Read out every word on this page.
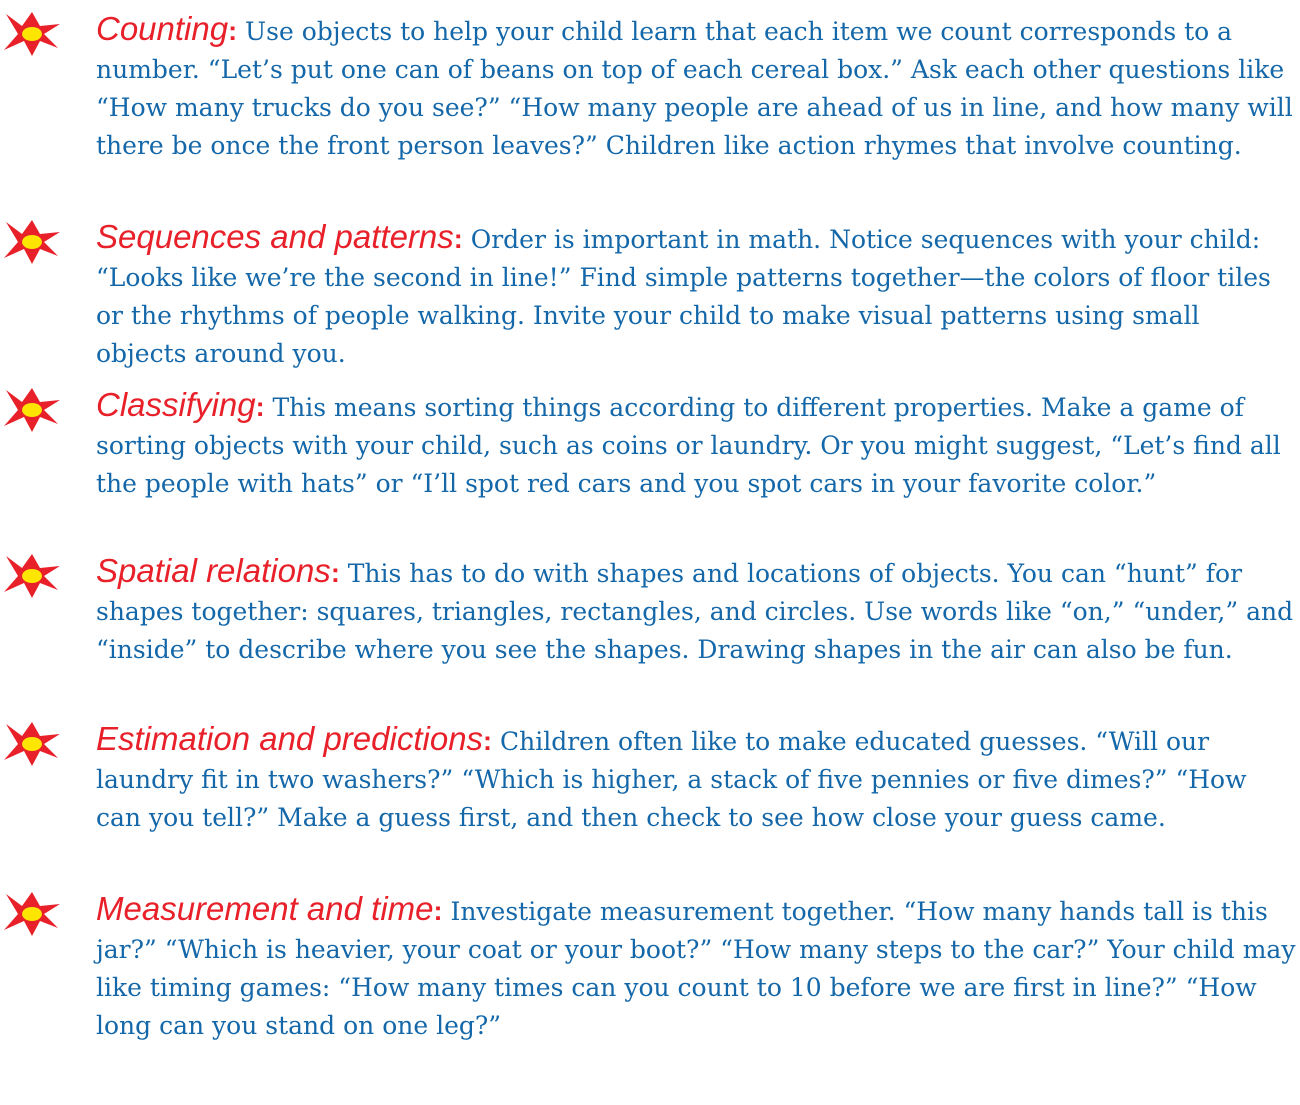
Counting: Use objects to help your child learn that each item we count corresponds to a number. “Let’s put one can of beans on top of each cereal box.” Ask each other questions like “How many trucks do you see?” “How many people are ahead of us in line, and how many will there be once the front person leaves?” Children like action rhymes that involve counting.

Sequences and patterns: Order is important in math. Notice sequences with your child: “Looks like we’re the second in line!” Find simple patterns together—the colors of floor tiles or the rhythms of people walking. Invite your child to make visual patterns using small objects around you.

Classifying: This means sorting things according to different properties. Make a game of sorting objects with your child, such as coins or laundry. Or you might suggest, “Let’s find all the people with hats” or “I’ll spot red cars and you spot cars in your favorite color.”

Spatial relations: This has to do with shapes and locations of objects. You can “hunt” for shapes together: squares, triangles, rectangles, and circles. Use words like “on,” “under,” and “inside” to describe where you see the shapes. Drawing shapes in the air can also be fun.

Estimation and predictions: Children often like to make educated guesses. “Will our laundry fit in two washers?” “Which is higher, a stack of five pennies or five dimes?” “How can you tell?” Make a guess first, and then check to see how close your guess came.

Measurement and time: Investigate measurement together. “How many hands tall is this jar?” “Which is heavier, your coat or your boot?” “How many steps to the car?” Your child may like timing games: “How many times can you count to 10 before we are first in line?” “How long can you stand on one leg?”
